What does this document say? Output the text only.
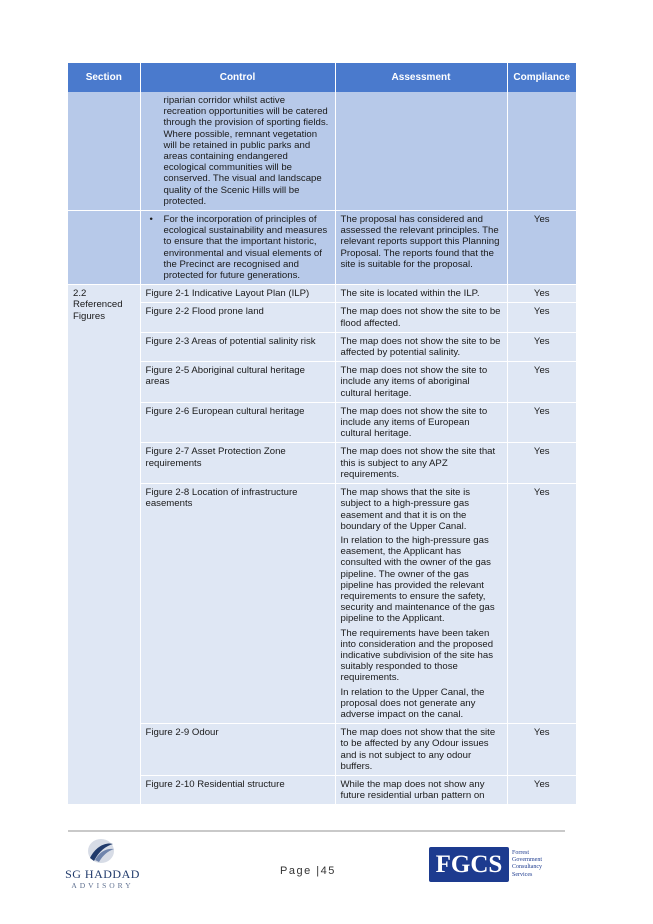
Section	Control	Assessment	Compliance

	riparian corridor whilst active recreation opportunities will be catered through the provision of sporting fields. Where possible, remnant vegetation will be retained in public parks and areas containing endangered ecological communities will be conserved. The visual and landscape quality of the Scenic Hills will be protected.		

	• For the incorporation of principles of ecological sustainability and measures to ensure that the important historic, environmental and visual elements of the Precinct are recognised and protected for future generations.	The proposal has considered and assessed the relevant principles. The relevant reports support this Planning Proposal. The reports found that the site is suitable for the proposal.	Yes

2.2
Referenced Figures	Figure 2-1 Indicative Layout Plan (ILP)	The site is located within the ILP.	Yes
	Figure 2-2 Flood prone land	The map does not show the site to be flood affected.	Yes
	Figure 2-3 Areas of potential salinity risk	The map does not show the site to be affected by potential salinity.	Yes
	Figure 2-5 Aboriginal cultural heritage areas	The map does not show the site to include any items of aboriginal cultural heritage.	Yes
	Figure 2-6 European cultural heritage	The map does not show the site to include any items of European cultural heritage.	Yes
	Figure 2-7 Asset Protection Zone requirements	The map does not show the site that this is subject to any APZ requirements.	Yes
	Figure 2-8 Location of infrastructure easements	The map shows that the site is subject to a high-pressure gas easement and that it is on the boundary of the Upper Canal.
In relation to the high-pressure gas easement, the Applicant has consulted with the owner of the gas pipeline. The owner of the gas pipeline has provided the relevant requirements to ensure the safety, security and maintenance of the gas pipeline to the Applicant.
The requirements have been taken into consideration and the proposed indicative subdivision of the site has suitably responded to those requirements.
In relation to the Upper Canal, the proposal does not generate any adverse impact on the canal.	Yes
	Figure 2-9 Odour	The map does not show that the site to be affected by any Odour issues and is not subject to any odour buffers.	Yes
	Figure 2-10 Residential structure	While the map does not show any future residential urban pattern on	Yes
SG HADDAD
ADVISORY
Page |45	FGCS	Forrest
Government
Consultancy
Services
